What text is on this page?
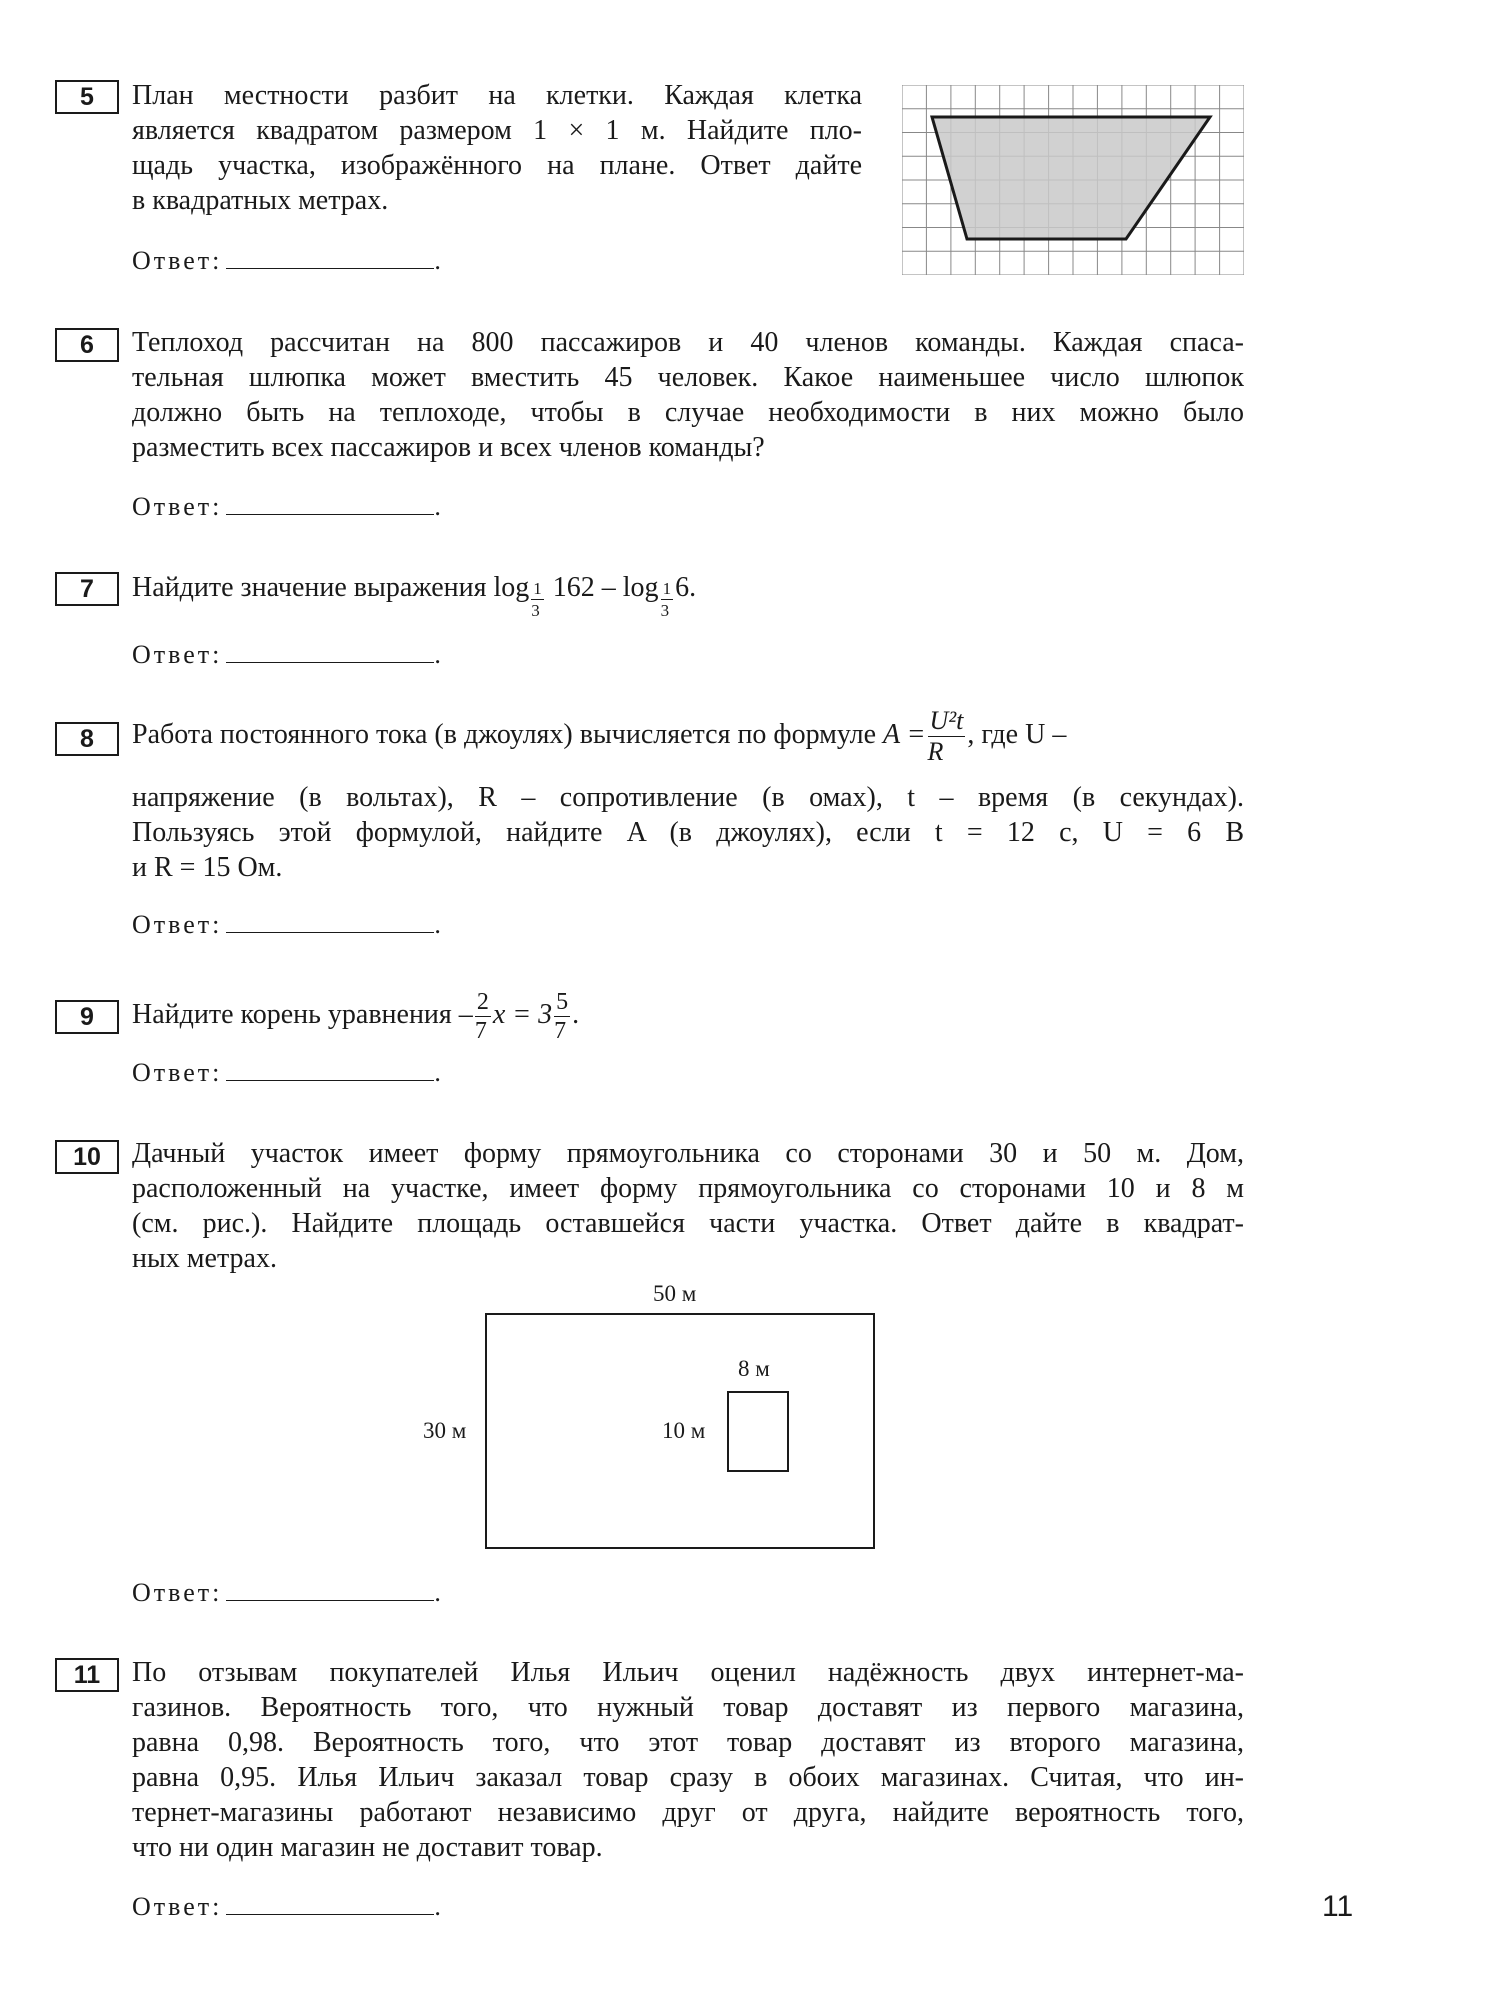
5	План местности разбит на клетки. Каждая клетка
является квадратом размером 1 × 1 м. Найдите пло-
щадь участка, изображённого на плане. Ответ дайте
в квадратных метрах.
Ответ:	.
6	Теплоход рассчитан на 800 пассажиров и 40 членов команды. Каждая спаса-
тельная шлюпка может вместить 45 человек. Какое наименьшее число шлюпок
должно быть на теплоходе, чтобы в случае необходимости в них можно было
разместить всех пассажиров и всех членов команды?
Ответ:	.
7	Найдите значение выражения $\log \frac{1}{3} 162$ – $\log \frac{1}{3} 6$.
Ответ:	.
8	Работа постоянного тока (в джоулях) вычисляется по формуле $A = \frac{\text{U²t}}{R}$ , где U –
напряжение (в вольтах), R – сопротивление (в омах), t – время (в секундах).
Пользуясь этой формулой, найдите A (в джоулях), если t = 12 с, U = 6 В
и R = 15 Ом.
Ответ:	.
9	Найдите корень уравнения – $\frac{2}{7}$ $x = 3 \frac{5}{7}$ .
Ответ:	.
10	Дачный участок имеет форму прямоугольника со сторонами 30 и 50 м. Дом,
расположенный на участке, имеет форму прямоугольника со сторонами 10 и 8 м
(см. рис.). Найдите площадь оставшейся части участка. Ответ дайте в квадрат-
ных метрах.
50 м
30 м
8 м
10 м
Ответ:	.
11	По отзывам покупателей Илья Ильич оценил надёжность двух интернет-ма-
газинов. Вероятность того, что нужный товар доставят из первого магазина,
равна 0,98. Вероятность того, что этот товар доставят из второго магазина,
равна 0,95. Илья Ильич заказал товар сразу в обоих магазинах. Считая, что ин-
тернет-магазины работают независимо друг от друга, найдите вероятность того,
что ни один магазин не доставит товар.
Ответ:	.	11
